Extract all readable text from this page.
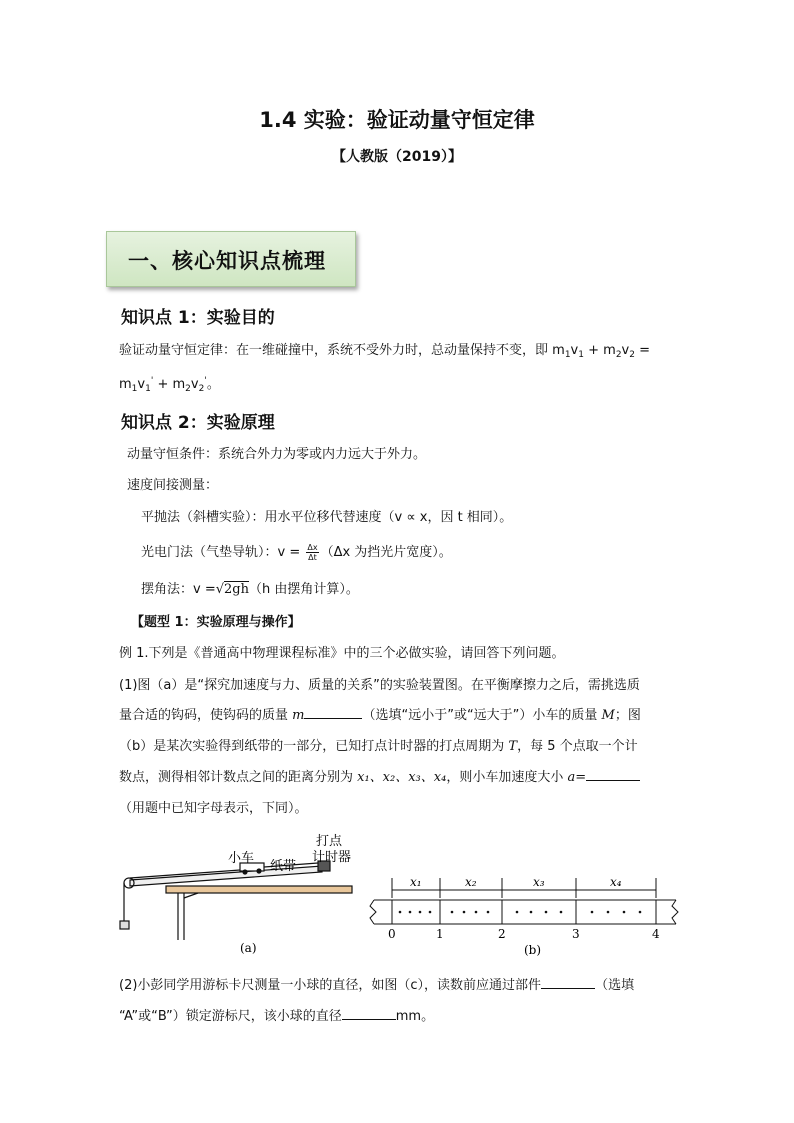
1.4 实验：验证动量守恒定律
【人教版（2019）】
一、核心知识点梳理
知识点 1：实验目的
验证动量守恒定律：在一维碰撞中，系统不受外力时，总动量保持不变，即 $m_1v_1 + m_2v_2$ =
$m_1v_1' + m_2v_2'$。
知识点 2：实验原理
动量守恒条件：系统合外力为零或内力远大于外力。
速度间接测量：
平抛法（斜槽实验）：用水平位移代替速度（v ∝ x，因 t 相同）。
光电门法（气垫导轨）：$v = \frac{\Delta x}{\Delta t} (\Delta x$ 为挡光片宽度）。
摆角法：v =√2gh（h 由摆角计算）。
【题型 1：实验原理与操作】
例 1.下列是《普通高中物理课程标准》中的三个必做实验，请回答下列问题。
(1)图（a）是“探究加速度与力、质量的关系”的实验装置图。在平衡摩擦力之后，需挑选质
量合适的钩码，使钩码的质量 m	（选填“远小于”或“远大于”）小车的质量 M；图
（b）是某次实验得到纸带的一部分，已知打点计时器的打点周期为 T，每 5 个点取一个计
数点，测得相邻计数点之间的距离分别为 x₁、x₂、x₃、x₄，则小车加速度大小 a=
（用题中已知字母表示，下同）。
小车
纸带
打点
计时器
(a)
x₁	x₂	x₃	x₄
0	1	2	3	4
(b)
(2)小彭同学用游标卡尺测量一小球的直径，如图（c），读数前应通过部件	（选填
“A”或“B”）锁定游标尺，该小球的直径	mm。
